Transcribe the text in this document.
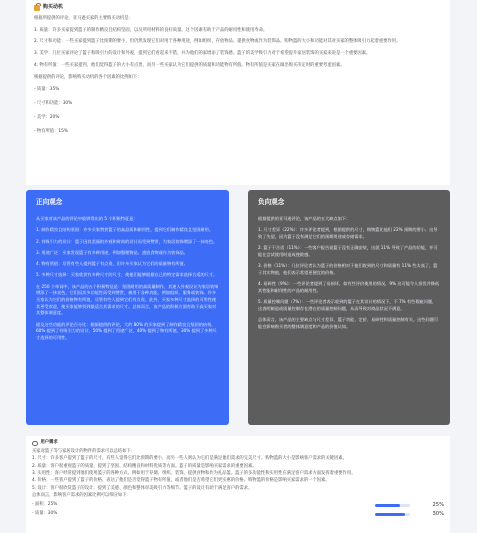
购买动机

根据所提供的评论，亚马逊买家的主要购买动机是：

1. 质量：许多买家提到篮子的制作精良且结构坚固，以及所用材料的良好质量。这个因素有助于产品的耐用性和使用寿命。

2. 尺寸和功能：一些买家提到篮子比预期的要小，但仍然发现它们对用于各种用途，例如组织、存放物品、提供食物或作为装饰品。购物篮的大小和功能对其对买家的整体吸引力起着重要作用。

3. 美学：几位买家评论了篮子和吸引力的设计和外观，提到它们看起来不错，并为他们的家增添了装饰感。篮子的美学吸引力对于希望提升家居装饰的买家来说是一个重要因素。

4. 物有所值：一些买家提到，他们觉得篮子的大小有点贵，而另一些买家认为它们提供的质量和功能物有所值。物有所值是买家在做出购买决定时的重要考虑因素。

根据提供的评论，影响购买动机的各个因素的比例如下：

- 质量：35%

- 尺寸和功能：30%

- 美学：20%

- 物有所值：15%

正向观念

从买家对该产品的评论中能够得出的 5 个积极特征是：

1. 制作精良且结构坚固：许多买家赞赏篮子的高品质和耐用性，提到它们制作精良且坚固耐用。

2. 有吸引力的设计：篮子因其美丽的外观和时尚的设计而受到赞赏，为家居装饰增添了一抹亮色。

3. 用途广泛：买家发现篮子有多种用途，例如整理物品、盛放食物或作为装饰品。

4. 物有所值：尽管有些人提到篮子有点贵，但许多买家认为它们的质量物有所值。

5. 多种尺寸选择：买家欣赏有多种尺寸的尺寸，使他们能够根据自己的特定需求选择合适的尺寸。

在 250 个单词中，该产品的五个积极特征是：坚固耐用的高质量制作，其迷人外观设计为家居装饰增添了一抹亮色，它们因其多功能性而受到赞赏，被用于各种功能，例如组织、服务或装饰。许多买家认为它们的价格物有所值，尽管有些人提到它们有点贵。此外，买家多种尺寸选择的可用性使其更受欢迎，使买家能够找到最适合其需求的尺寸。总体而言，该产品的积极方面有助于高买家对其整体满意度。

提及这些功能的评论百分比：根据提供的评论，大约 80% 的买家提到了制作精良且坚固的结构，60% 提到了有吸引力的设计，50% 提到了用途广泛，40% 提到了物有所值，30% 提到了多种尺寸选择的可用性。

负向观念

根据提供的亚马逊评论，该产品的五大缺点如下：

1. 尺寸差异（22%）：许多评论者提到，根据提供的尺寸，购物篮比他们 22% 预期的要小。这导致了失望，因为篮子没有满足它们的预期用途或存储需求。

2. 篮子不合适（11%）：一些客户报告说篮子没有正确安装，这就 11% 导致了产品的功能，并可能在尝试使用时造成挫败感。

3. 价格（11%）：几位评论者认为篮子的价格相对于他们收到的尺寸和质量有 11% 些太高了，篮子其实物值，他们表示希望更便宜的价格。

4. 易碎性（9%）：一些评论者提到了易损坏，如有些评价使用的情况，9% 这可能令人担忧并降低其性能和耐用性的产品的耐用性。

5. 质量控制问题（7%）：一些评论者表示收到的篮子在其设计的情况下，不 7% 有些瑕疵问题，这表明制造或质量控制存在潜在的质量控制问题，从而导致对商品状况不满意。

总体而言，该产品的主要缺点与尺寸差异、篮子功能、定价、易碎性和质量控制有关。这些问题可能会影响购买者的整体满意度和产品的价值认知。

用户需求

买家对篮子等与家居设计的物件的需求可以总结如下：

1. 尺寸：许多客户提到了篮子的尺寸，有些人觉得它们比预期的要小，而另一些人则认为它们是满足他们需求的完美尺寸。购物篮的大小是影响客户需求的关键因素。

2. 质量：客户很重视篮子的质量，提到了坚固、结构精良和材料优质等方面。篮子的质量是影响买家需求的重要因素。

3. 实用性：客户经常提到他们使用篮子的各种方式，例如用于存储、组织、装饰、提供食物和作为礼品篮。篮子的多功能性和实用性在满足客户需求方面发挥着重要作用。

4. 价格：一些客户提到了篮子的价格，表达了他们是否觉得篮子物有所值，或者他们是否希望它们更实惠的价格。购物篮的价格是影响买家需求的一个因素。

5. 设计：客户很欣赏篮子的设计，提到了美感、颜色和整体审美吸引力等细节。篮子的设计有助于满足客户的需求。

总体而言，影响客户需求的因素比例可以细分如下：

- 面积：25%	25%
- 质量：30%	30%
